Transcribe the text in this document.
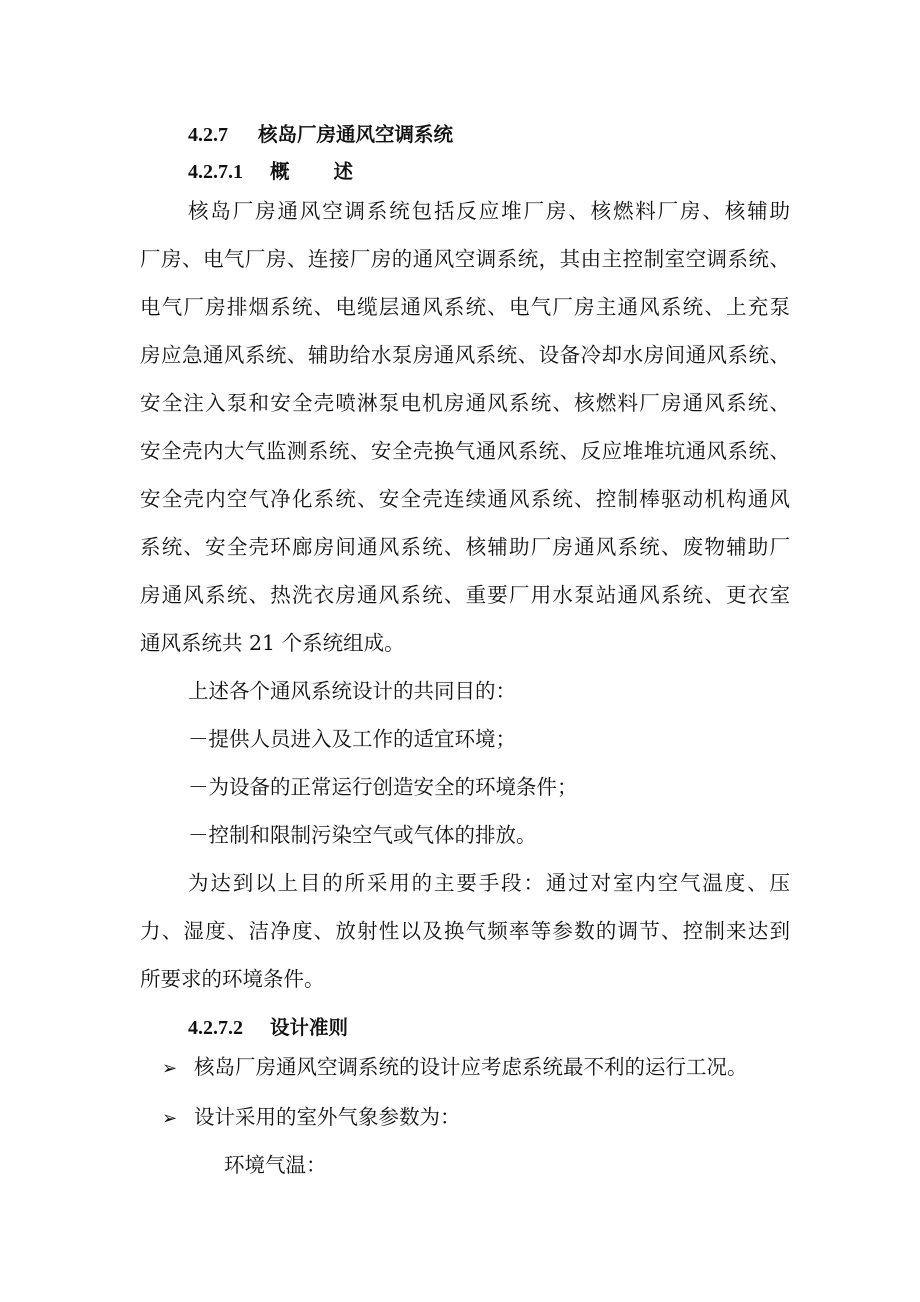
4.2.7 核岛厂房通风空调系统
4.2.7.1 概 述
核岛厂房通风空调系统包括反应堆厂房、核燃料厂房、核辅助
厂房、电气厂房、连接厂房的通风空调系统，其由主控制室空调系统、
电气厂房排烟系统、电缆层通风系统、电气厂房主通风系统、上充泵
房应急通风系统、辅助给水泵房通风系统、设备冷却水房间通风系统、
安全注入泵和安全壳喷淋泵电机房通风系统、核燃料厂房通风系统、
安全壳内大气监测系统、安全壳换气通风系统、反应堆堆坑通风系统、
安全壳内空气净化系统、安全壳连续通风系统、控制棒驱动机构通风
系统、安全壳环廊房间通风系统、核辅助厂房通风系统、废物辅助厂
房通风系统、热洗衣房通风系统、重要厂用水泵站通风系统、更衣室
通风系统共 21 个系统组成。
上述各个通风系统设计的共同目的：
－提供人员进入及工作的适宜环境；
－为设备的正常运行创造安全的环境条件；
－控制和限制污染空气或气体的排放。
为达到以上目的所采用的主要手段：通过对室内空气温度、压
力、湿度、洁净度、放射性以及换气频率等参数的调节、控制来达到
所要求的环境条件。
4.2.7.2 设计准则
➢ 核岛厂房通风空调系统的设计应考虑系统最不利的运行工况。
➢ 设计采用的室外气象参数为：
环境气温：
